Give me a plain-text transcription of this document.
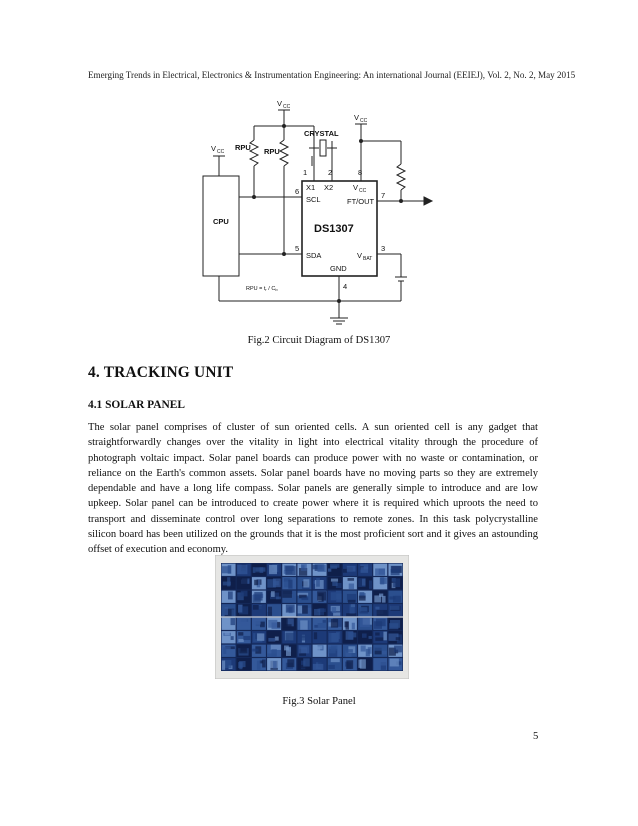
Emerging Trends in Electrical, Electronics & Instrumentation Engineering: An international Journal (EEIEJ), Vol. 2, No. 2, May 2015
V CC
V CC
V CC
RPU RPU
CRYSTAL
CPU
DS1307
X1 X2	V CC
SCL	FT/OUT
SDA	V BAT
GND
1	2	8
6	7
5	3
4
RPU = tr / Cb
Fig.2 Circuit Diagram of DS1307
4. TRACKING UNIT
4.1 SOLAR PANEL
The solar panel comprises of cluster of sun oriented cells. A sun oriented cell is any gadget that straightforwardly changes over the vitality in light into electrical vitality through the procedure of photograph voltaic impact. Solar panel boards can produce power with no waste or contamination, or reliance on the Earth's common assets. Solar panel boards have no moving parts so they are extremely dependable and have a long life compass. Solar panels are generally simple to introduce and are low upkeep. Solar panel can be introduced to create power where it is required which uproots the need to transport and disseminate control over long separations to remote zones. In this task polycrystalline silicon board has been utilized on the grounds that it is the most proficient sort and it gives an astounding offset of execution and economy.
Fig.3 Solar Panel
5
